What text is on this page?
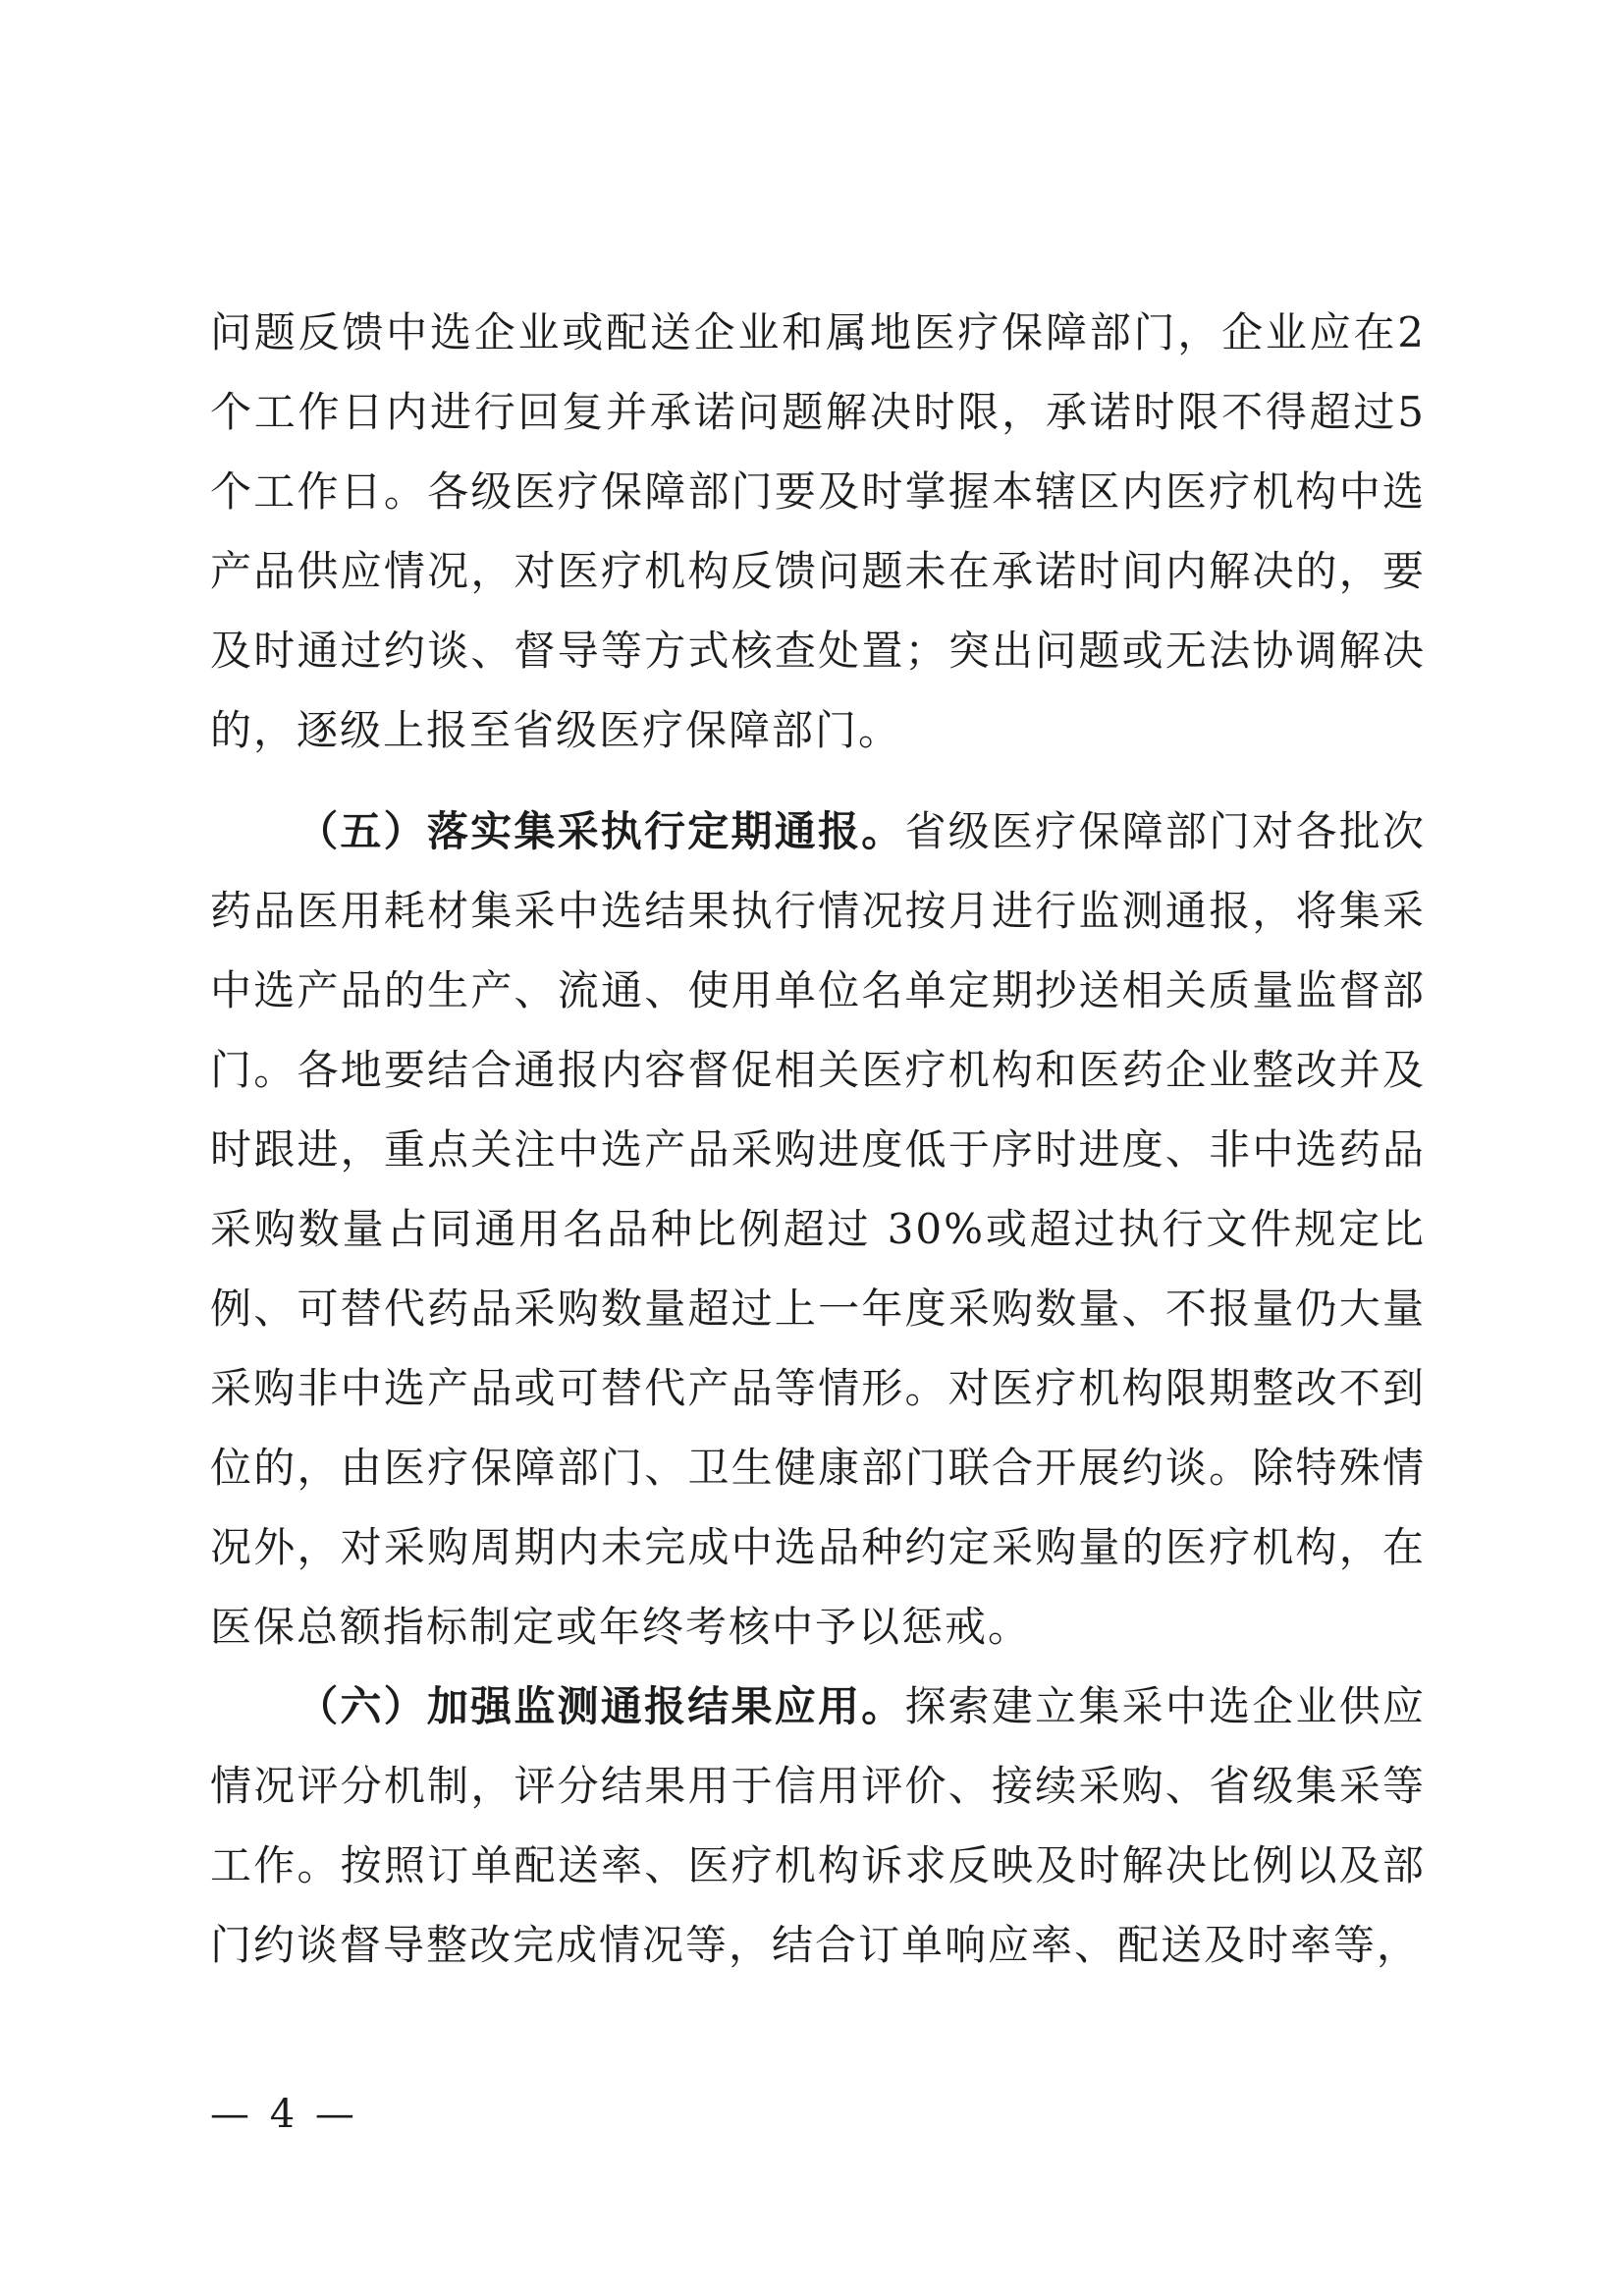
问题反馈中选企业或配送企业和属地医疗保障部门，企业应在2个工作日内进行回复并承诺问题解决时限，承诺时限不得超过5个工作日。各级医疗保障部门要及时掌握本辖区内医疗机构中选产品供应情况，对医疗机构反馈问题未在承诺时间内解决的，要及时通过约谈、督导等方式核查处置；突出问题或无法协调解决的，逐级上报至省级医疗保障部门。

（五）落实集采执行定期通报。省级医疗保障部门对各批次药品医用耗材集采中选结果执行情况按月进行监测通报，将集采中选产品的生产、流通、使用单位名单定期抄送相关质量监督部门。各地要结合通报内容督促相关医疗机构和医药企业整改并及时跟进，重点关注中选产品采购进度低于序时进度、非中选药品采购数量占同通用名品种比例超过 30%或超过执行文件规定比例、可替代药品采购数量超过上一年度采购数量、不报量仍大量采购非中选产品或可替代产品等情形。对医疗机构限期整改不到位的，由医疗保障部门、卫生健康部门联合开展约谈。除特殊情况外，对采购周期内未完成中选品种约定采购量的医疗机构，在医保总额指标制定或年终考核中予以惩戒。

（六）加强监测通报结果应用。探索建立集采中选企业供应情况评分机制，评分结果用于信用评价、接续采购、省级集采等工作。按照订单配送率、医疗机构诉求反映及时解决比例以及部门约谈督导整改完成情况等，结合订单响应率、配送及时率等，

— 4 —
